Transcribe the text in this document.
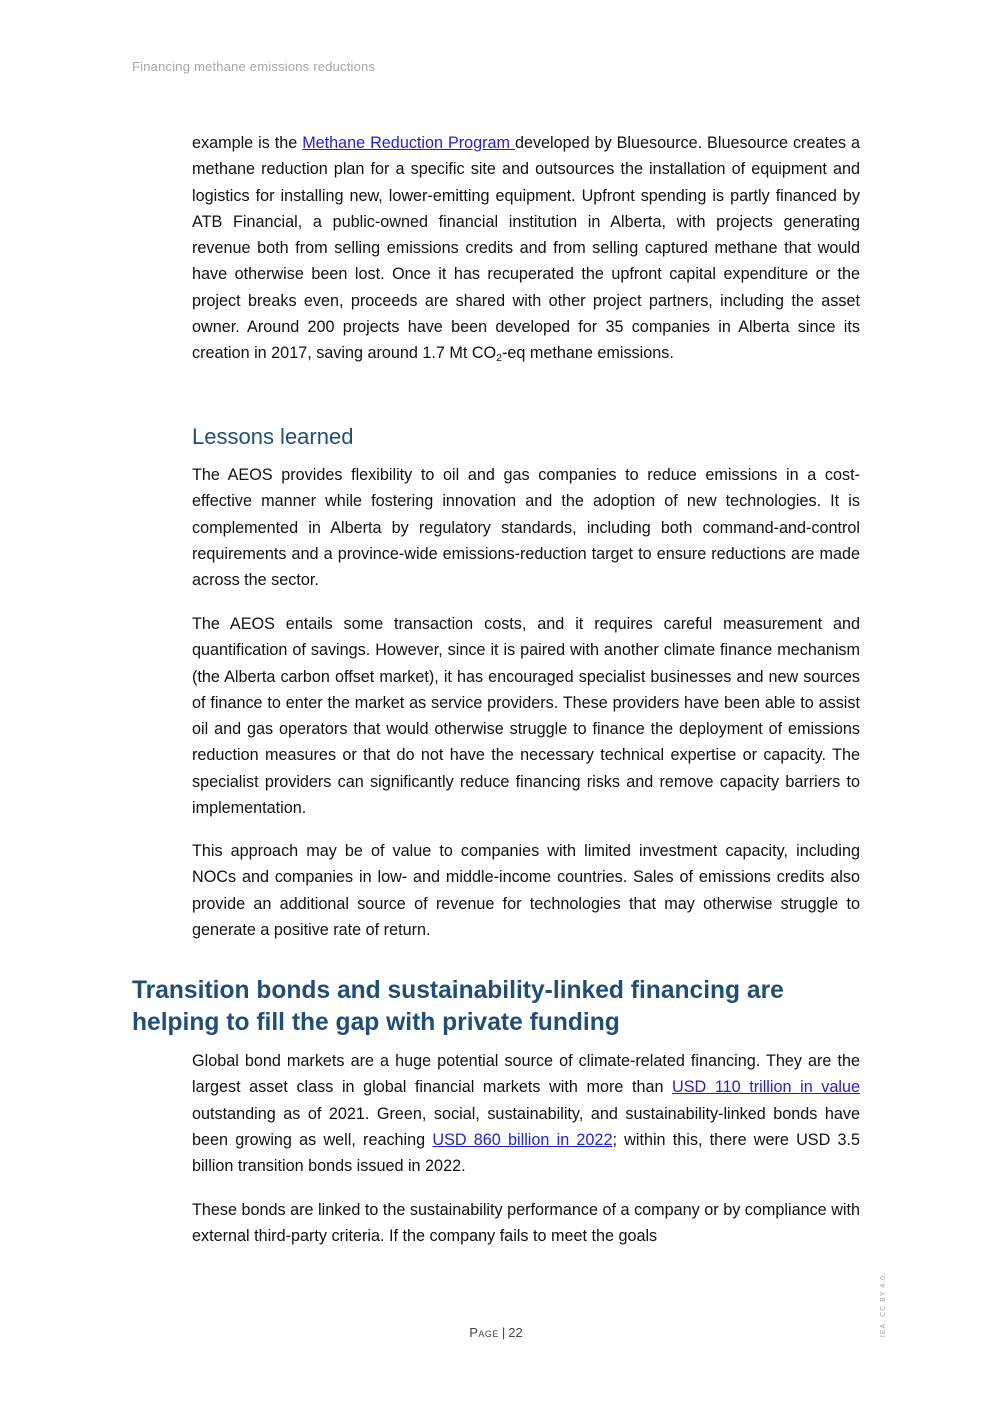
Financing methane emissions reductions

example is the Methane Reduction Program developed by Bluesource. Bluesource creates a methane reduction plan for a specific site and outsources the installation of equipment and logistics for installing new, lower-emitting equipment. Upfront spending is partly financed by ATB Financial, a public-owned financial institution in Alberta, with projects generating revenue both from selling emissions credits and from selling captured methane that would have otherwise been lost. Once it has recuperated the upfront capital expenditure or the project breaks even, proceeds are shared with other project partners, including the asset owner. Around 200 projects have been developed for 35 companies in Alberta since its creation in 2017, saving around 1.7 Mt $CO_2-eq$ methane emissions.

Lessons learned

The AEOS provides flexibility to oil and gas companies to reduce emissions in a cost-effective manner while fostering innovation and the adoption of new technologies. It is complemented in Alberta by regulatory standards, including both command-and-control requirements and a province-wide emissions-reduction target to ensure reductions are made across the sector.

The AEOS entails some transaction costs, and it requires careful measurement and quantification of savings. However, since it is paired with another climate finance mechanism (the Alberta carbon offset market), it has encouraged specialist businesses and new sources of finance to enter the market as service providers. These providers have been able to assist oil and gas operators that would otherwise struggle to finance the deployment of emissions reduction measures or that do not have the necessary technical expertise or capacity. The specialist providers can significantly reduce financing risks and remove capacity barriers to implementation.

This approach may be of value to companies with limited investment capacity, including NOCs and companies in low- and middle-income countries. Sales of emissions credits also provide an additional source of revenue for technologies that may otherwise struggle to generate a positive rate of return.

Transition bonds and sustainability-linked financing are helping to fill the gap with private funding

Global bond markets are a huge potential source of climate-related financing. They are the largest asset class in global financial markets with more than USD 110 trillion in value outstanding as of 2021. Green, social, sustainability, and sustainability-linked bonds have been growing as well, reaching USD 860 billion in 2022; within this, there were USD 3.5 billion transition bonds issued in 2022.

These bonds are linked to the sustainability performance of a company or by compliance with external third-party criteria. If the company fails to meet the goals

Page | 22	IEA. CC BY 4.0.
